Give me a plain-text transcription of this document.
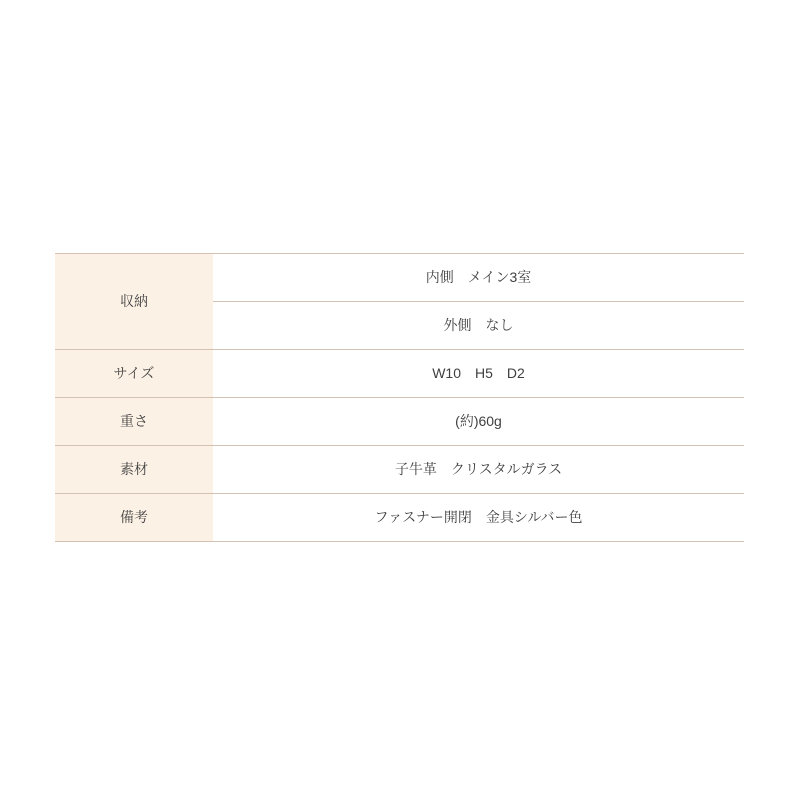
収納	内側　メイン3室
	外側　なし
サイズ	W10　H5　D2
重さ	(約)60g
素材	子牛革　クリスタルガラス
備考	ファスナー開閉　金具シルバー色
